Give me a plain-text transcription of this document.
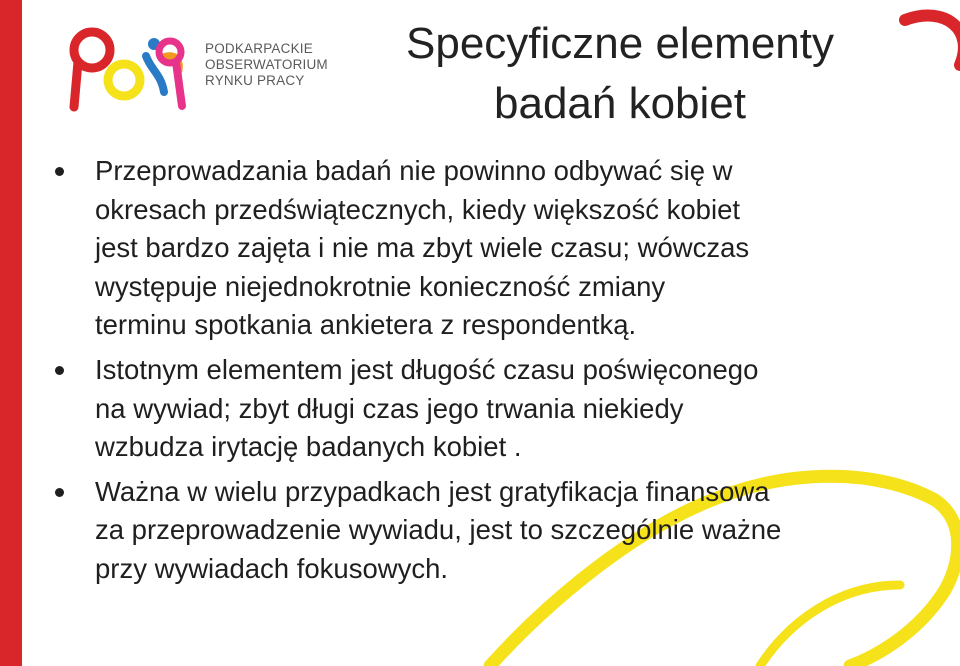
PODKARPACKIE
OBSERWATORIUM
RYNKU PRACY
Specyficzne elementy
badań kobiet
Przeprowadzania badań nie powinno odbywać się w
okresach przedświątecznych, kiedy większość kobiet
jest bardzo zajęta i nie ma zbyt wiele czasu; wówczas
występuje niejednokrotnie konieczność zmiany
terminu spotkania ankietera z respondentką.
Istotnym elementem jest długość czasu poświęconego
na wywiad; zbyt długi czas jego trwania niekiedy
wzbudza irytację badanych kobiet .
Ważna w wielu przypadkach jest gratyfikacja finansowa
za przeprowadzenie wywiadu, jest to szczególnie ważne
przy wywiadach fokusowych.
